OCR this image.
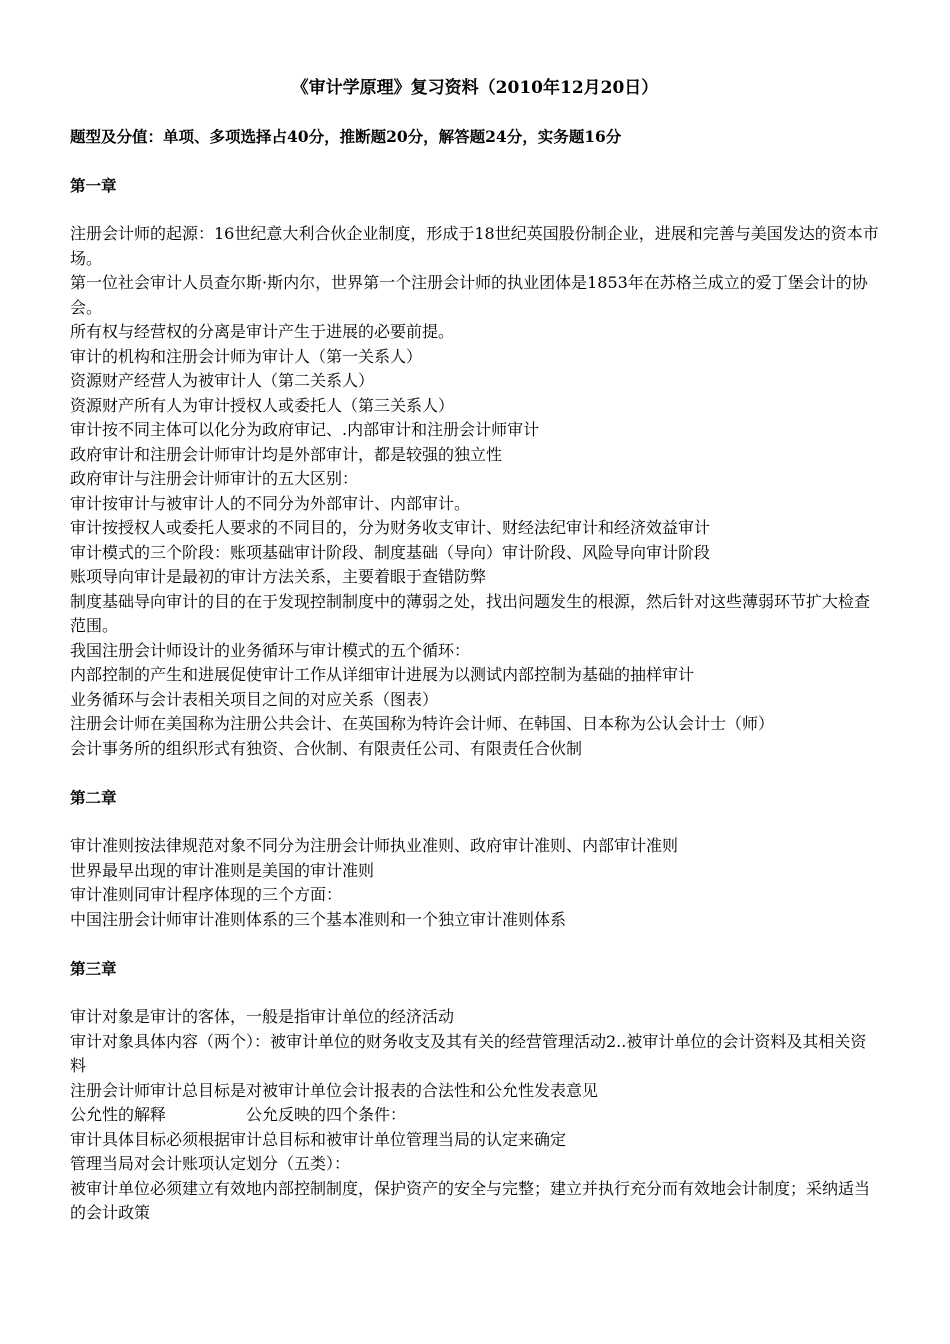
《审计学原理》复习资料（2010年12月20日）

题型及分值：单项、多项选择占40分，推断题20分，解答题24分，实务题16分

第一章

注册会计师的起源：16世纪意大利合伙企业制度，形成于18世纪英国股份制企业，进展和完善与美国发达的资本市场。

第一位社会审计人员查尔斯·斯内尔，世界第一个注册会计师的执业团体是1853年在苏格兰成立的爱丁堡会计的协会。

所有权与经营权的分离是审计产生于进展的必要前提。

审计的机构和注册会计师为审计人（第一关系人）

资源财产经营人为被审计人（第二关系人）

资源财产所有人为审计授权人或委托人（第三关系人）

审计按不同主体可以化分为政府审记、.内部审计和注册会计师审计

政府审计和注册会计师审计均是外部审计，都是较强的独立性

政府审计与注册会计师审计的五大区别：

审计按审计与被审计人的不同分为外部审计、内部审计。

审计按授权人或委托人要求的不同目的，分为财务收支审计、财经法纪审计和经济效益审计

审计模式的三个阶段：账项基础审计阶段、制度基础（导向）审计阶段、风险导向审计阶段

账项导向审计是最初的审计方法关系，主要着眼于查错防弊

制度基础导向审计的目的在于发现控制制度中的薄弱之处，找出问题发生的根源，然后针对这些薄弱环节扩大检查范围。

我国注册会计师设计的业务循环与审计模式的五个循环：

内部控制的产生和进展促使审计工作从详细审计进展为以测试内部控制为基础的抽样审计

业务循环与会计表相关项目之间的对应关系（图表）

注册会计师在美国称为注册公共会计、在英国称为特许会计师、在韩国、日本称为公认会计士（师）

会计事务所的组织形式有独资、合伙制、有限责任公司、有限责任合伙制

第二章

审计准则按法律规范对象不同分为注册会计师执业准则、政府审计准则、内部审计准则

世界最早出现的审计准则是美国的审计准则

审计准则同审计程序体现的三个方面：

中国注册会计师审计准则体系的三个基本准则和一个独立审计准则体系

第三章

审计对象是审计的客体，一般是指审计单位的经济活动

审计对象具体内容（两个）：被审计单位的财务收支及其有关的经营管理活动2..被审计单位的会计资料及其相关资料

注册会计师审计总目标是对被审计单位会计报表的合法性和公允性发表意见

公允性的解释　　　　　公允反映的四个条件：

审计具体目标必须根据审计总目标和被审计单位管理当局的认定来确定

管理当局对会计账项认定划分（五类）：

被审计单位必须建立有效地内部控制制度，保护资产的安全与完整；建立并执行充分而有效地会计制度；采纳适当的会计政策
